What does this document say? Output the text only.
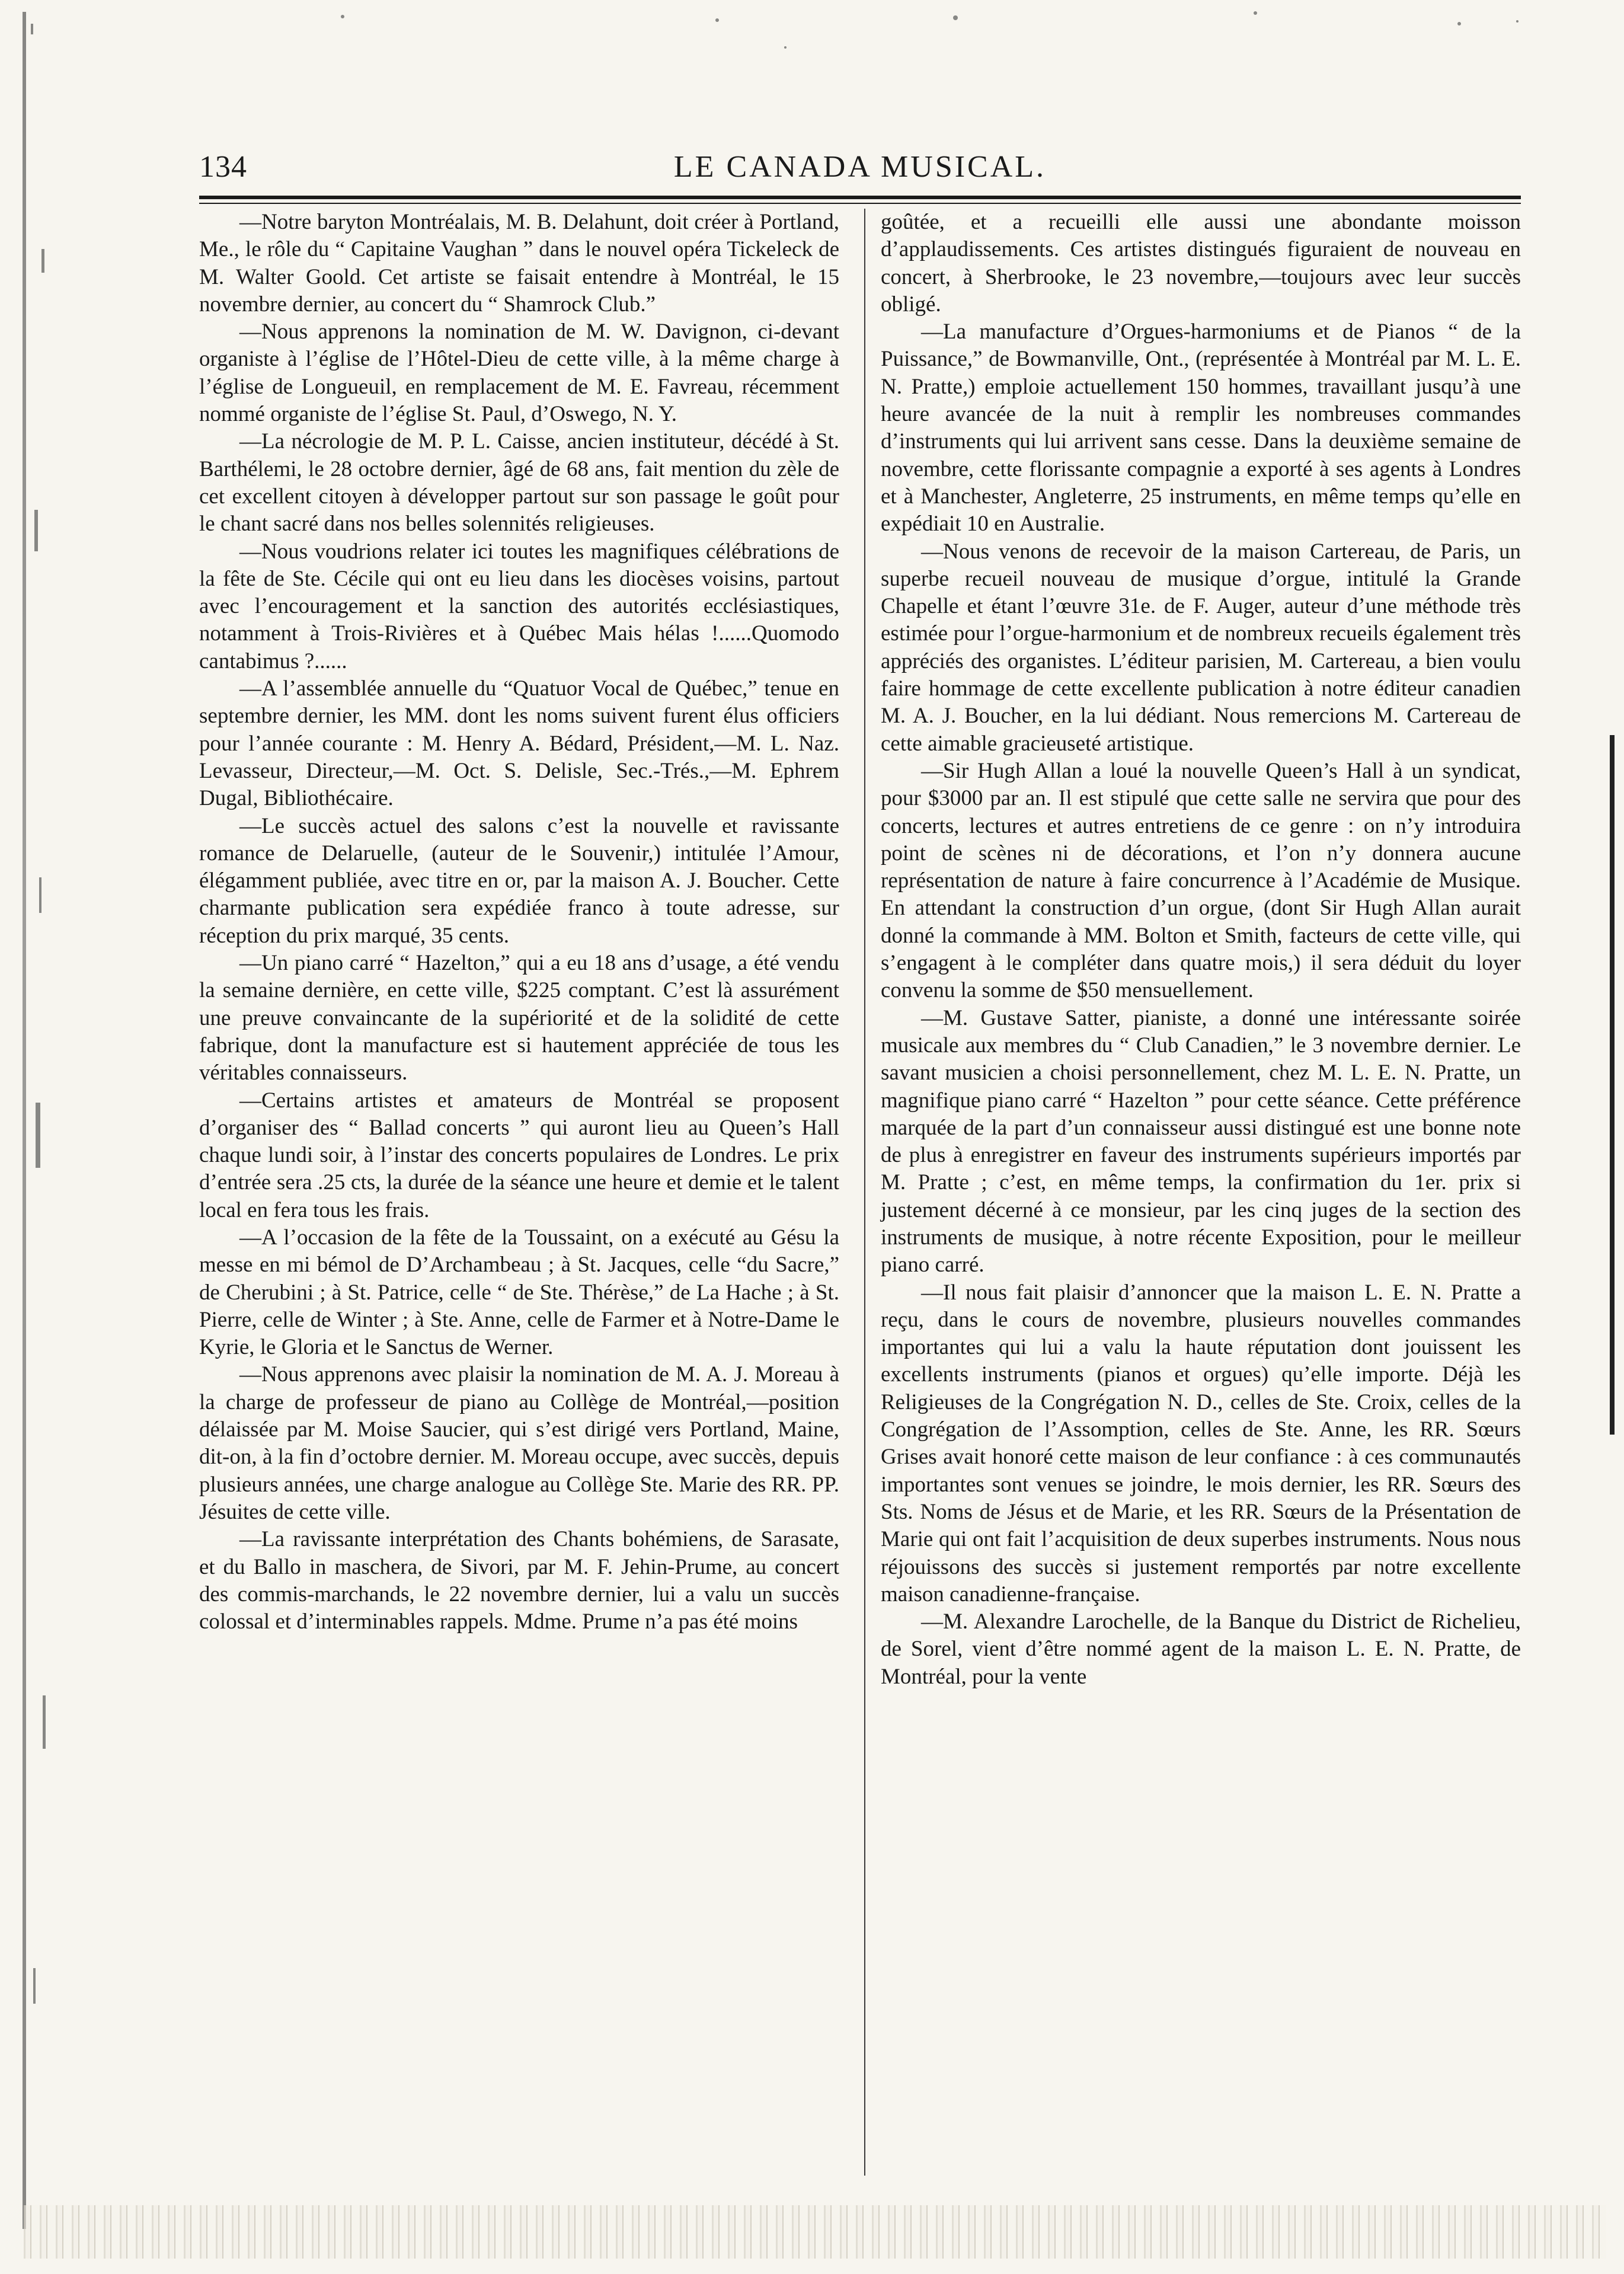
134	LE CANADA MUSICAL.

—Notre baryton Montréalais, M. B. Delahunt, doit créer à Portland, Me., le rôle du “ Capitaine Vaughan ” dans le nouvel opéra Tickeleck de M. Walter Goold. Cet artiste se faisait entendre à Montréal, le 15 novembre dernier, au concert du “ Shamrock Club.”

—Nous apprenons la nomination de M. W. Davignon, ci-devant organiste à l’église de l’Hôtel-Dieu de cette ville, à la même charge à l’église de Longueuil, en remplacement de M. E. Favreau, récemment nommé organiste de l’église St. Paul, d’Oswego, N. Y.

—La nécrologie de M. P. L. Caisse, ancien instituteur, décédé à St. Barthélemi, le 28 octobre dernier, âgé de 68 ans, fait mention du zèle de cet excellent citoyen à développer partout sur son passage le goût pour le chant sacré dans nos belles solennités religieuses.

—Nous voudrions relater ici toutes les magnifiques célébrations de la fête de Ste. Cécile qui ont eu lieu dans les diocèses voisins, partout avec l’encouragement et la sanction des autorités ecclésiastiques, notamment à Trois-Rivières et à Québec Mais hélas !......Quomodo cantabimus ?......

—A l’assemblée annuelle du “Quatuor Vocal de Québec,” tenue en septembre dernier, les MM. dont les noms suivent furent élus officiers pour l’année courante : M. Henry A. Bédard, Président,—M. L. Naz. Levasseur, Directeur,—M. Oct. S. Delisle, Sec.-Trés.,—M. Ephrem Dugal, Bibliothécaire.

—Le succès actuel des salons c’est la nouvelle et ravissante romance de Delaruelle, (auteur de le Souvenir,) intitulée l’Amour, élégamment publiée, avec titre en or, par la maison A. J. Boucher. Cette charmante publication sera expédiée franco à toute adresse, sur réception du prix marqué, 35 cents.

—Un piano carré “ Hazelton,” qui a eu 18 ans d’usage, a été vendu la semaine dernière, en cette ville, $225 comptant. C’est là assurément une preuve convaincante de la supériorité et de la solidité de cette fabrique, dont la manufacture est si hautement appréciée de tous les véritables connaisseurs.

—Certains artistes et amateurs de Montréal se proposent d’organiser des “ Ballad concerts ” qui auront lieu au Queen’s Hall chaque lundi soir, à l’instar des concerts populaires de Londres. Le prix d’entrée sera .25 cts, la durée de la séance une heure et demie et le talent local en fera tous les frais.

—A l’occasion de la fête de la Toussaint, on a exécuté au Gésu la messe en mi bémol de D’Archambeau ; à St. Jacques, celle “du Sacre,” de Cherubini ; à St. Patrice, celle “ de Ste. Thérèse,” de La Hache ; à St. Pierre, celle de Winter ; à Ste. Anne, celle de Farmer et à Notre-Dame le Kyrie, le Gloria et le Sanctus de Werner.

—Nous apprenons avec plaisir la nomination de M. A. J. Moreau à la charge de professeur de piano au Collège de Montréal,—position délaissée par M. Moise Saucier, qui s’est dirigé vers Portland, Maine, dit-on, à la fin d’octobre dernier. M. Moreau occupe, avec succès, depuis plusieurs années, une charge analogue au Collège Ste. Marie des RR. PP. Jésuites de cette ville.

—La ravissante interprétation des Chants bohémiens, de Sarasate, et du Ballo in maschera, de Sivori, par M. F. Jehin-Prume, au concert des commis-marchands, le 22 novembre dernier, lui a valu un succès colossal et d’interminables rappels. Mdme. Prume n’a pas été moins

goûtée, et a recueilli elle aussi une abondante moisson d’applaudissements. Ces artistes distingués figuraient de nouveau en concert, à Sherbrooke, le 23 novembre,—toujours avec leur succès obligé.

—La manufacture d’Orgues-harmoniums et de Pianos “ de la Puissance,” de Bowmanville, Ont., (représentée à Montréal par M. L. E. N. Pratte,) emploie actuellement 150 hommes, travaillant jusqu’à une heure avancée de la nuit à remplir les nombreuses commandes d’instruments qui lui arrivent sans cesse. Dans la deuxième semaine de novembre, cette florissante compagnie a exporté à ses agents à Londres et à Manchester, Angleterre, 25 instruments, en même temps qu’elle en expédiait 10 en Australie.

—Nous venons de recevoir de la maison Cartereau, de Paris, un superbe recueil nouveau de musique d’orgue, intitulé la Grande Chapelle et étant l’œuvre 31e. de F. Auger, auteur d’une méthode très estimée pour l’orgue-harmonium et de nombreux recueils également très appréciés des organistes. L’éditeur parisien, M. Cartereau, a bien voulu faire hommage de cette excellente publication à notre éditeur canadien M. A. J. Boucher, en la lui dédiant. Nous remercions M. Cartereau de cette aimable gracieuseté artistique.

—Sir Hugh Allan a loué la nouvelle Queen’s Hall à un syndicat, pour $3000 par an. Il est stipulé que cette salle ne servira que pour des concerts, lectures et autres entretiens de ce genre : on n’y introduira point de scènes ni de décorations, et l’on n’y donnera aucune représentation de nature à faire concurrence à l’Académie de Musique. En attendant la construction d’un orgue, (dont Sir Hugh Allan aurait donné la commande à MM. Bolton et Smith, facteurs de cette ville, qui s’engagent à le compléter dans quatre mois,) il sera déduit du loyer convenu la somme de $50 mensuellement.

—M. Gustave Satter, pianiste, a donné une intéressante soirée musicale aux membres du “ Club Canadien,” le 3 novembre dernier. Le savant musicien a choisi personnellement, chez M. L. E. N. Pratte, un magnifique piano carré “ Hazelton ” pour cette séance. Cette préférence marquée de la part d’un connaisseur aussi distingué est une bonne note de plus à enregistrer en faveur des instruments supérieurs importés par M. Pratte ; c’est, en même temps, la confirmation du 1er. prix si justement décerné à ce monsieur, par les cinq juges de la section des instruments de musique, à notre récente Exposition, pour le meilleur piano carré.

—Il nous fait plaisir d’annoncer que la maison L. E. N. Pratte a reçu, dans le cours de novembre, plusieurs nouvelles commandes importantes qui lui a valu la haute réputation dont jouissent les excellents instruments (pianos et orgues) qu’elle importe. Déjà les Religieuses de la Congrégation N. D., celles de Ste. Croix, celles de la Congrégation de l’Assomption, celles de Ste. Anne, les RR. Sœurs Grises avait honoré cette maison de leur confiance : à ces communautés importantes sont venues se joindre, le mois dernier, les RR. Sœurs des Sts. Noms de Jésus et de Marie, et les RR. Sœurs de la Présentation de Marie qui ont fait l’acquisition de deux superbes instruments. Nous nous réjouissons des succès si justement remportés par notre excellente maison canadienne-française.

—M. Alexandre Larochelle, de la Banque du District de Richelieu, de Sorel, vient d’être nommé agent de la maison L. E. N. Pratte, de Montréal, pour la vente
